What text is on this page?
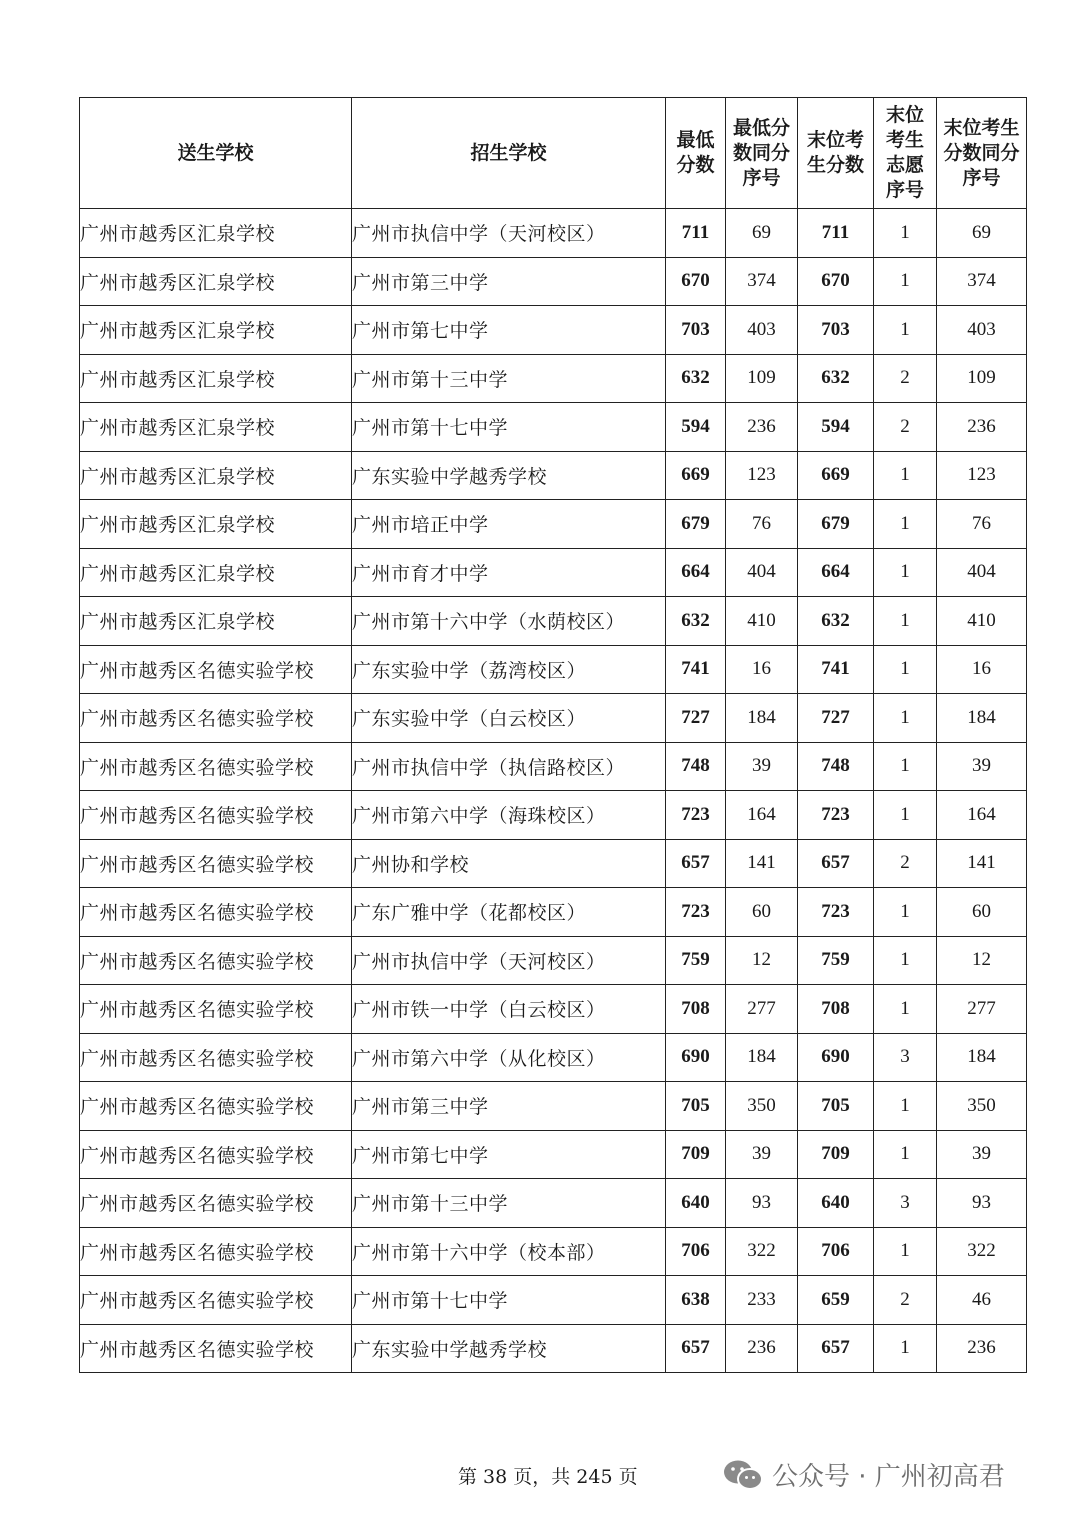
送生学校	招生学校	最低分数	最低分数同分序号	末位考生分数	末位考生志愿序号	末位考生分数同分序号
广州市越秀区汇泉学校	广州市执信中学（天河校区）	711	69	711	1	69
广州市越秀区汇泉学校	广州市第三中学	670	374	670	1	374
广州市越秀区汇泉学校	广州市第七中学	703	403	703	1	403
广州市越秀区汇泉学校	广州市第十三中学	632	109	632	2	109
广州市越秀区汇泉学校	广州市第十七中学	594	236	594	2	236
广州市越秀区汇泉学校	广东实验中学越秀学校	669	123	669	1	123
广州市越秀区汇泉学校	广州市培正中学	679	76	679	1	76
广州市越秀区汇泉学校	广州市育才中学	664	404	664	1	404
广州市越秀区汇泉学校	广州市第十六中学（水荫校区）	632	410	632	1	410
广州市越秀区名德实验学校	广东实验中学（荔湾校区）	741	16	741	1	16
广州市越秀区名德实验学校	广东实验中学（白云校区）	727	184	727	1	184
广州市越秀区名德实验学校	广州市执信中学（执信路校区）	748	39	748	1	39
广州市越秀区名德实验学校	广州市第六中学（海珠校区）	723	164	723	1	164
广州市越秀区名德实验学校	广州协和学校	657	141	657	2	141
广州市越秀区名德实验学校	广东广雅中学（花都校区）	723	60	723	1	60
广州市越秀区名德实验学校	广州市执信中学（天河校区）	759	12	759	1	12
广州市越秀区名德实验学校	广州市铁一中学（白云校区）	708	277	708	1	277
广州市越秀区名德实验学校	广州市第六中学（从化校区）	690	184	690	3	184
广州市越秀区名德实验学校	广州市第三中学	705	350	705	1	350
广州市越秀区名德实验学校	广州市第七中学	709	39	709	1	39
广州市越秀区名德实验学校	广州市第十三中学	640	93	640	3	93
广州市越秀区名德实验学校	广州市第十六中学（校本部）	706	322	706	1	322
广州市越秀区名德实验学校	广州市第十七中学	638	233	659	2	46
广州市越秀区名德实验学校	广东实验中学越秀学校	657	236	657	1	236
第 38 页，共 245 页	公众号 · 广州初高君
